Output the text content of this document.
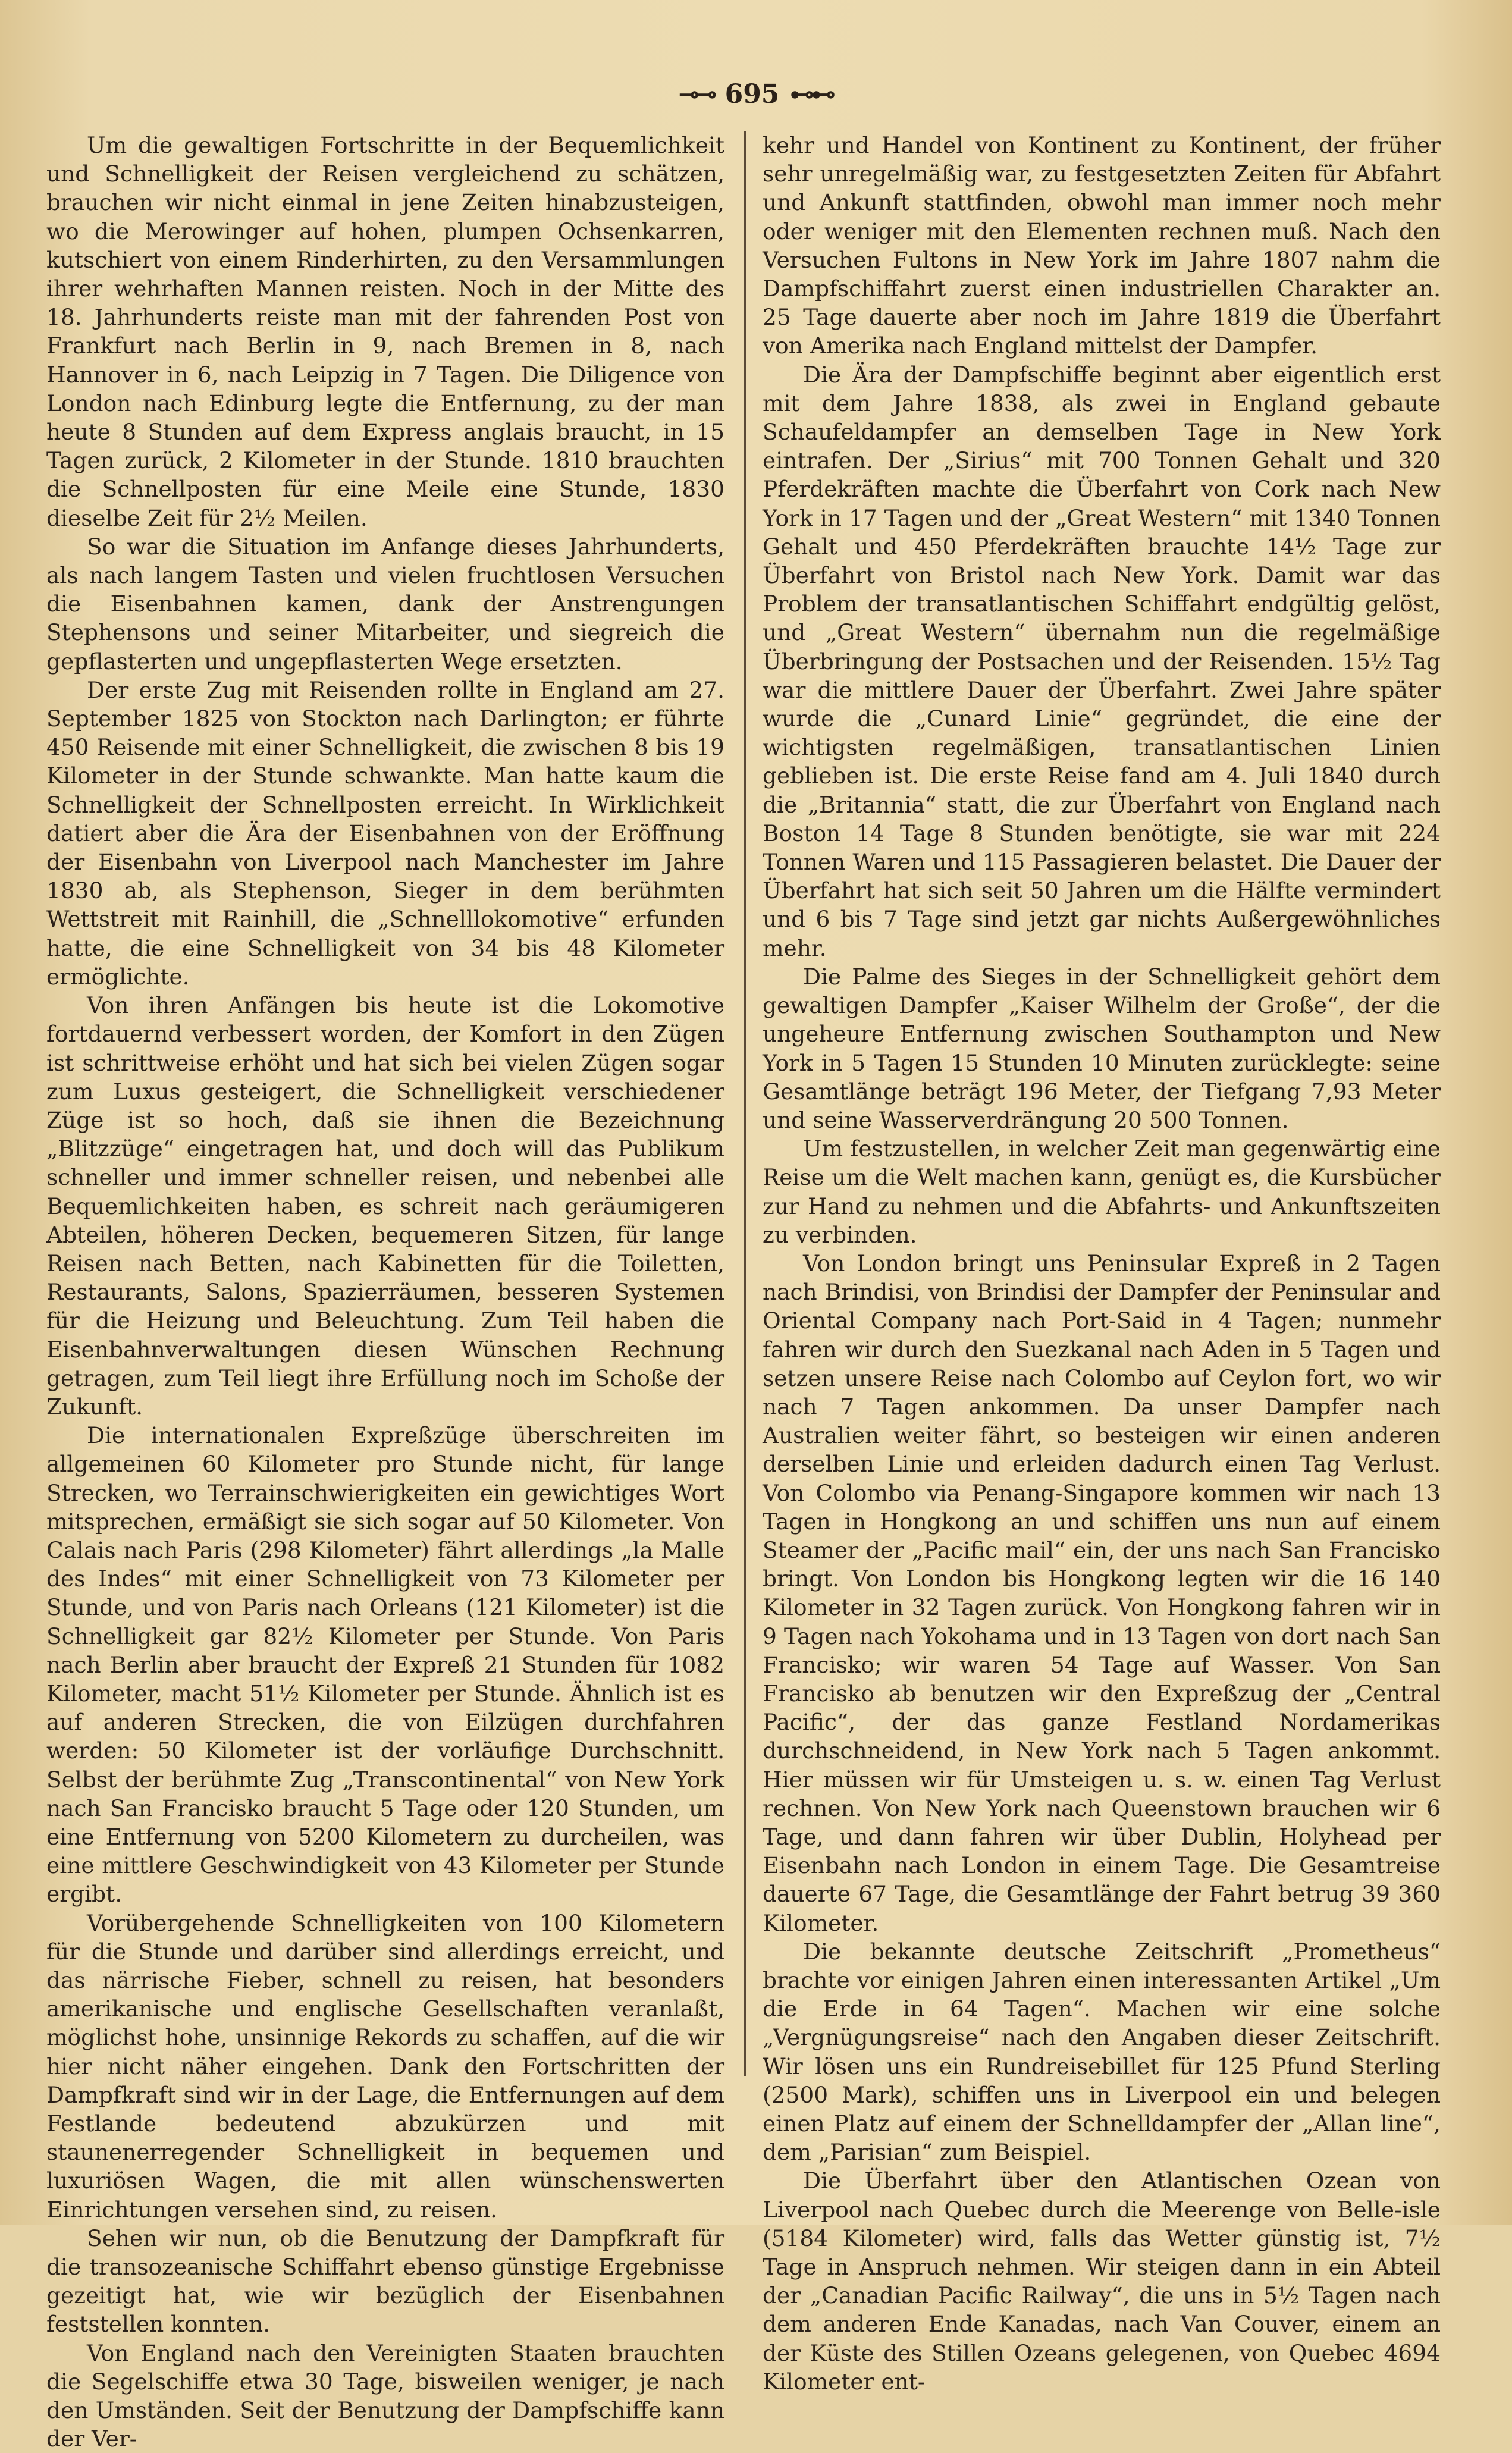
⊸⊸ 695 ⊷⊷

Um die gewaltigen Fortschritte in der Bequemlichkeit und Schnelligkeit der Reisen vergleichend zu schätzen, brauchen wir nicht einmal in jene Zeiten hinabzusteigen, wo die Merowinger auf hohen, plumpen Ochsenkarren, kutschiert von einem Rinderhirten, zu den Versammlungen ihrer wehrhaften Mannen reisten. Noch in der Mitte des 18. Jahrhunderts reiste man mit der fahrenden Post von Frankfurt nach Berlin in 9, nach Bremen in 8, nach Hannover in 6, nach Leipzig in 7 Tagen. Die Diligence von London nach Edinburg legte die Entfernung, zu der man heute 8 Stunden auf dem Express anglais braucht, in 15 Tagen zurück, 2 Kilometer in der Stunde. 1810 brauchten die Schnellposten für eine Meile eine Stunde, 1830 dieselbe Zeit für 2½ Meilen.

So war die Situation im Anfange dieses Jahrhunderts, als nach langem Tasten und vielen fruchtlosen Versuchen die Eisenbahnen kamen, dank der Anstrengungen Stephensons und seiner Mitarbeiter, und siegreich die gepflasterten und ungepflasterten Wege ersetzten.

Der erste Zug mit Reisenden rollte in England am 27. September 1825 von Stockton nach Darlington; er führte 450 Reisende mit einer Schnelligkeit, die zwischen 8 bis 19 Kilometer in der Stunde schwankte. Man hatte kaum die Schnelligkeit der Schnellposten erreicht. In Wirklichkeit datiert aber die Ära der Eisenbahnen von der Eröffnung der Eisenbahn von Liverpool nach Manchester im Jahre 1830 ab, als Stephenson, Sieger in dem berühmten Wettstreit mit Rainhill, die „Schnelllokomotive“ erfunden hatte, die eine Schnelligkeit von 34 bis 48 Kilometer ermöglichte.

Von ihren Anfängen bis heute ist die Lokomotive fortdauernd verbessert worden, der Komfort in den Zügen ist schrittweise erhöht und hat sich bei vielen Zügen sogar zum Luxus gesteigert, die Schnelligkeit verschiedener Züge ist so hoch, daß sie ihnen die Bezeichnung „Blitzzüge“ eingetragen hat, und doch will das Publikum schneller und immer schneller reisen, und nebenbei alle Bequemlichkeiten haben, es schreit nach geräumigeren Abteilen, höheren Decken, bequemeren Sitzen, für lange Reisen nach Betten, nach Kabinetten für die Toiletten, Restaurants, Salons, Spazierräumen, besseren Systemen für die Heizung und Beleuchtung. Zum Teil haben die Eisenbahnverwaltungen diesen Wünschen Rechnung getragen, zum Teil liegt ihre Erfüllung noch im Schoße der Zukunft.

Die internationalen Expreßzüge überschreiten im allgemeinen 60 Kilometer pro Stunde nicht, für lange Strecken, wo Terrainschwierigkeiten ein gewichtiges Wort mitsprechen, ermäßigt sie sich sogar auf 50 Kilometer. Von Calais nach Paris (298 Kilometer) fährt allerdings „la Malle des Indes“ mit einer Schnelligkeit von 73 Kilometer per Stunde, und von Paris nach Orleans (121 Kilometer) ist die Schnelligkeit gar 82½ Kilometer per Stunde. Von Paris nach Berlin aber braucht der Expreß 21 Stunden für 1082 Kilometer, macht 51½ Kilometer per Stunde. Ähnlich ist es auf anderen Strecken, die von Eilzügen durchfahren werden: 50 Kilometer ist der vorläufige Durchschnitt. Selbst der berühmte Zug „Transcontinental“ von New York nach San Francisko braucht 5 Tage oder 120 Stunden, um eine Entfernung von 5200 Kilometern zu durcheilen, was eine mittlere Geschwindigkeit von 43 Kilometer per Stunde ergibt.

Vorübergehende Schnelligkeiten von 100 Kilometern für die Stunde und darüber sind allerdings erreicht, und das närrische Fieber, schnell zu reisen, hat besonders amerikanische und englische Gesellschaften veranlaßt, möglichst hohe, unsinnige Rekords zu schaffen, auf die wir hier nicht näher eingehen. Dank den Fortschritten der Dampfkraft sind wir in der Lage, die Entfernungen auf dem Festlande bedeutend abzukürzen und mit staunenerregender Schnelligkeit in bequemen und luxuriösen Wagen, die mit allen wünschenswerten Einrichtungen versehen sind, zu reisen.

Sehen wir nun, ob die Benutzung der Dampfkraft für die transozeanische Schiffahrt ebenso günstige Ergebnisse gezeitigt hat, wie wir bezüglich der Eisenbahnen feststellen konnten.

Von England nach den Vereinigten Staaten brauchten die Segelschiffe etwa 30 Tage, bisweilen weniger, je nach den Umständen. Seit der Benutzung der Dampfschiffe kann der Ver-

kehr und Handel von Kontinent zu Kontinent, der früher sehr unregelmäßig war, zu festgesetzten Zeiten für Abfahrt und Ankunft stattfinden, obwohl man immer noch mehr oder weniger mit den Elementen rechnen muß. Nach den Versuchen Fultons in New York im Jahre 1807 nahm die Dampfschiffahrt zuerst einen industriellen Charakter an. 25 Tage dauerte aber noch im Jahre 1819 die Überfahrt von Amerika nach England mittelst der Dampfer.

Die Ära der Dampfschiffe beginnt aber eigentlich erst mit dem Jahre 1838, als zwei in England gebaute Schaufeldampfer an demselben Tage in New York eintrafen. Der „Sirius“ mit 700 Tonnen Gehalt und 320 Pferdekräften machte die Überfahrt von Cork nach New York in 17 Tagen und der „Great Western“ mit 1340 Tonnen Gehalt und 450 Pferdekräften brauchte 14½ Tage zur Überfahrt von Bristol nach New York. Damit war das Problem der transatlantischen Schiffahrt endgültig gelöst, und „Great Western“ übernahm nun die regelmäßige Überbringung der Postsachen und der Reisenden. 15½ Tag war die mittlere Dauer der Überfahrt. Zwei Jahre später wurde die „Cunard Linie“ gegründet, die eine der wichtigsten regelmäßigen, transatlantischen Linien geblieben ist. Die erste Reise fand am 4. Juli 1840 durch die „Britannia“ statt, die zur Überfahrt von England nach Boston 14 Tage 8 Stunden benötigte, sie war mit 224 Tonnen Waren und 115 Passagieren belastet. Die Dauer der Überfahrt hat sich seit 50 Jahren um die Hälfte vermindert und 6 bis 7 Tage sind jetzt gar nichts Außergewöhnliches mehr.

Die Palme des Sieges in der Schnelligkeit gehört dem gewaltigen Dampfer „Kaiser Wilhelm der Große“, der die ungeheure Entfernung zwischen Southampton und New York in 5 Tagen 15 Stunden 10 Minuten zurücklegte: seine Gesamtlänge beträgt 196 Meter, der Tiefgang 7,93 Meter und seine Wasserverdrängung 20 500 Tonnen.

Um festzustellen, in welcher Zeit man gegenwärtig eine Reise um die Welt machen kann, genügt es, die Kursbücher zur Hand zu nehmen und die Abfahrts- und Ankunftszeiten zu verbinden.

Von London bringt uns Peninsular Expreß in 2 Tagen nach Brindisi, von Brindisi der Dampfer der Peninsular and Oriental Company nach Port-Said in 4 Tagen; nunmehr fahren wir durch den Suezkanal nach Aden in 5 Tagen und setzen unsere Reise nach Colombo auf Ceylon fort, wo wir nach 7 Tagen ankommen. Da unser Dampfer nach Australien weiter fährt, so besteigen wir einen anderen derselben Linie und erleiden dadurch einen Tag Verlust. Von Colombo via Penang-Singapore kommen wir nach 13 Tagen in Hongkong an und schiffen uns nun auf einem Steamer der „Pacific mail“ ein, der uns nach San Francisko bringt. Von London bis Hongkong legten wir die 16 140 Kilometer in 32 Tagen zurück. Von Hongkong fahren wir in 9 Tagen nach Yokohama und in 13 Tagen von dort nach San Francisko; wir waren 54 Tage auf Wasser. Von San Francisko ab benutzen wir den Expreßzug der „Central Pacific“, der das ganze Festland Nordamerikas durchschneidend, in New York nach 5 Tagen ankommt. Hier müssen wir für Umsteigen u. s. w. einen Tag Verlust rechnen. Von New York nach Queenstown brauchen wir 6 Tage, und dann fahren wir über Dublin, Holyhead per Eisenbahn nach London in einem Tage. Die Gesamtreise dauerte 67 Tage, die Gesamtlänge der Fahrt betrug 39 360 Kilometer.

Die bekannte deutsche Zeitschrift „Prometheus“ brachte vor einigen Jahren einen interessanten Artikel „Um die Erde in 64 Tagen“. Machen wir eine solche „Vergnügungsreise“ nach den Angaben dieser Zeitschrift. Wir lösen uns ein Rundreisebillet für 125 Pfund Sterling (2500 Mark), schiffen uns in Liverpool ein und belegen einen Platz auf einem der Schnelldampfer der „Allan line“, dem „Parisian“ zum Beispiel.

Die Überfahrt über den Atlantischen Ozean von Liverpool nach Quebec durch die Meerenge von Belle-isle (5184 Kilometer) wird, falls das Wetter günstig ist, 7½ Tage in Anspruch nehmen. Wir steigen dann in ein Abteil der „Canadian Pacific Railway“, die uns in 5½ Tagen nach dem anderen Ende Kanadas, nach Van Couver, einem an der Küste des Stillen Ozeans gelegenen, von Quebec 4694 Kilometer ent-
